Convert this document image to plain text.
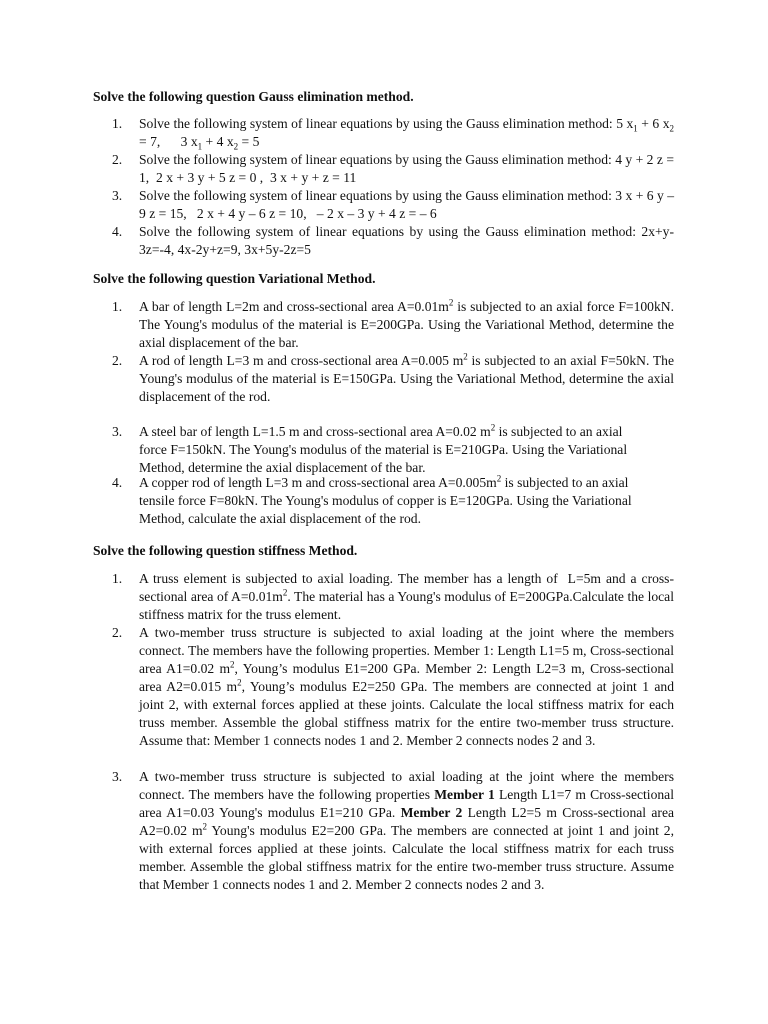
Solve the following question Gauss elimination method.
1.	Solve the following system of linear equations by using the Gauss elimination method: 5 $x_1 + 6$ $x_2 = 7$,      3 $x_1 + 4$ $x_2 = 5$
2.	Solve the following system of linear equations by using the Gauss elimination method: 4 y + 2 z = 1,  2 x + 3 y + 5 z = 0 ,  3 x + y + z = 11
3.	Solve the following system of linear equations by using the Gauss elimination method: 3 x + 6 y – 9 z = 15,   2 x + 4 y – 6 z = 10,   – 2 x – 3 y + 4 z = – 6
4.	Solve the following system of linear equations by using the Gauss elimination method: 2x+y-3z=-4, 4x-2y+z=9, 3x+5y-2z=5
Solve the following question Variational Method.
1.	A bar of length L=2m and cross-sectional area $A=0.01m^2$ is subjected to an axial force F=100kN. The Young's modulus of the material is E=200GPa. Using the Variational Method, determine the axial displacement of the bar.
2.	A rod of length L=3 m and cross-sectional area A=0.005 $m^2$ is subjected to an axial F=50kN. The Young's modulus of the material is E=150GPa. Using the Variational Method, determine the axial displacement of the rod.
3.	A steel bar of length L=1.5 m and cross-sectional area A=0.02 $m^2$ is subjected to an axial force F=150kN. The Young's modulus of the material is E=210GPa. Using the Variational Method, determine the axial displacement of the bar.
4.	A copper rod of length L=3 m and cross-sectional area $A=0.005m^2$ is subjected to an axial tensile force F=80kN. The Young's modulus of copper is E=120GPa. Using the Variational Method, calculate the axial displacement of the rod.
Solve the following question stiffness Method.
1.	A truss element is subjected to axial loading. The member has a length of  L=5m and a cross-sectional area of $A=0.01m^2$. The material has a Young's modulus of E=200GPa.Calculate the local stiffness matrix for the truss element.
2.	A two-member truss structure is subjected to axial loading at the joint where the members connect. The members have the following properties. Member 1: Length L1=5 m, Cross-sectional area A1=0.02 $m^2$, Young’s modulus E1=200 GPa. Member 2: Length L2=3 m, Cross-sectional area A2=0.015 $m^2$, Young’s modulus E2=250 GPa. The members are connected at joint 1 and joint 2, with external forces applied at these joints. Calculate the local stiffness matrix for each truss member. Assemble the global stiffness matrix for the entire two-member truss structure. Assume that: Member 1 connects nodes 1 and 2. Member 2 connects nodes 2 and 3.
3.	A two-member truss structure is subjected to axial loading at the joint where the members connect. The members have the following properties Member 1 Length L1=7 m Cross-sectional area A1=0.03 Young's modulus E1=210 GPa. Member 2 Length L2=5 m Cross-sectional area A2=0.02 $m^2$ Young's modulus E2=200 GPa. The members are connected at joint 1 and joint 2, with external forces applied at these joints. Calculate the local stiffness matrix for each truss member. Assemble the global stiffness matrix for the entire two-member truss structure. Assume that Member 1 connects nodes 1 and 2. Member 2 connects nodes 2 and 3.
